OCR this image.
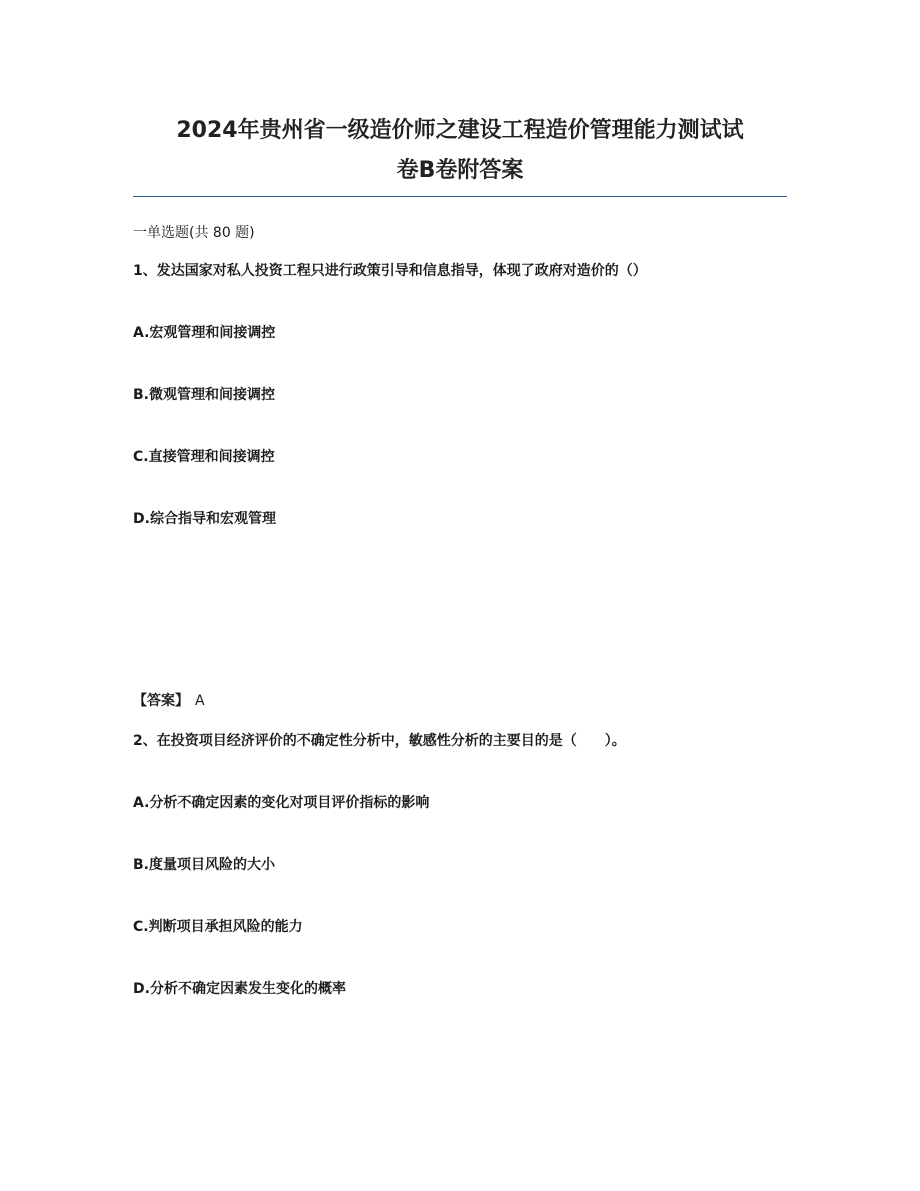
2024年贵州省一级造价师之建设工程造价管理能力测试试
卷B卷附答案
一单选题(共 80 题)
1、发达国家对私人投资工程只进行政策引导和信息指导，体现了政府对造价的（）
A.宏观管理和间接调控
B.微观管理和间接调控
C.直接管理和间接调控
D.综合指导和宏观管理
【答案】 A
2、在投资项目经济评价的不确定性分析中，敏感性分析的主要目的是（　　）。
A.分析不确定因素的变化对项目评价指标的影响
B.度量项目风险的大小
C.判断项目承担风险的能力
D.分析不确定因素发生变化的概率
